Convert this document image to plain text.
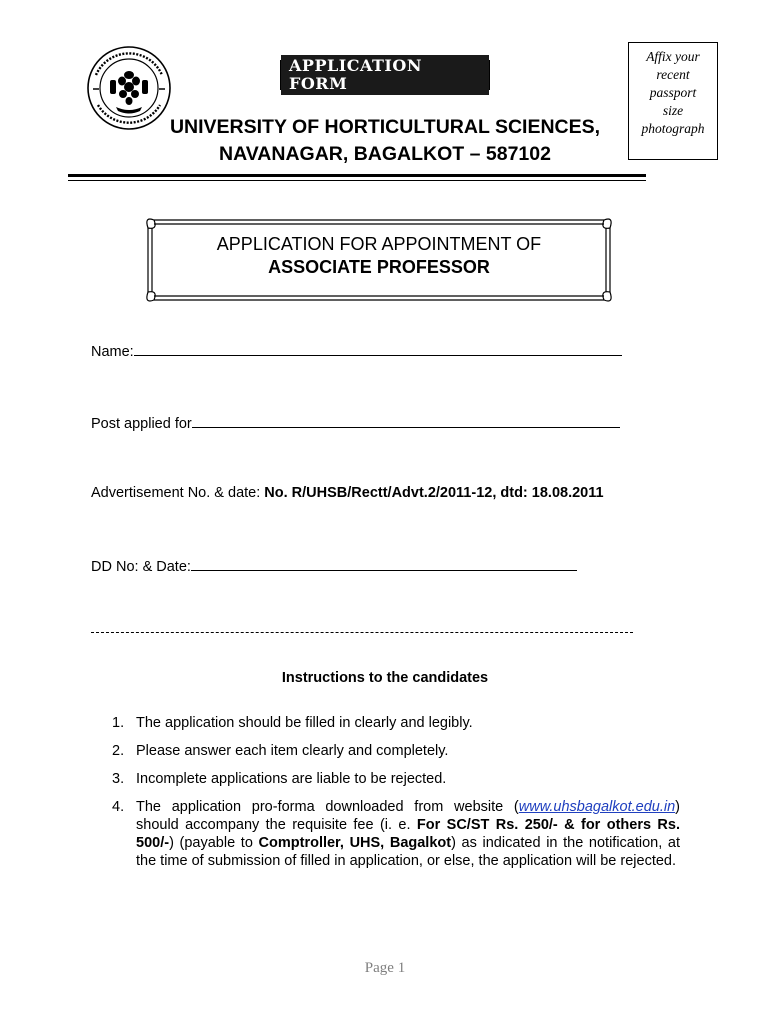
APPLICATION FORM
UNIVERSITY OF HORTICULTURAL SCIENCES,
NAVANAGAR, BAGALKOT – 587102
Affix your
recent
passport
size
photograph
APPLICATION FOR APPOINTMENT OF
ASSOCIATE PROFESSOR
Name:
Post applied for
Advertisement No. & date: No. R/UHSB/Rectt/Advt.2/2011-12, dtd: 18.08.2011
DD No: & Date:
Instructions to the candidates
1. The application should be filled in clearly and legibly.
2. Please answer each item clearly and completely.
3. Incomplete applications are liable to be rejected.
4. The application pro-forma downloaded from website (www.uhsbagalkot.edu.in) should accompany the requisite fee (i. e. For SC/ST Rs. 250/- & for others Rs. 500/-) (payable to Comptroller, UHS, Bagalkot) as indicated in the notification, at the time of submission of filled in application, or else, the application will be rejected.
Page 1
